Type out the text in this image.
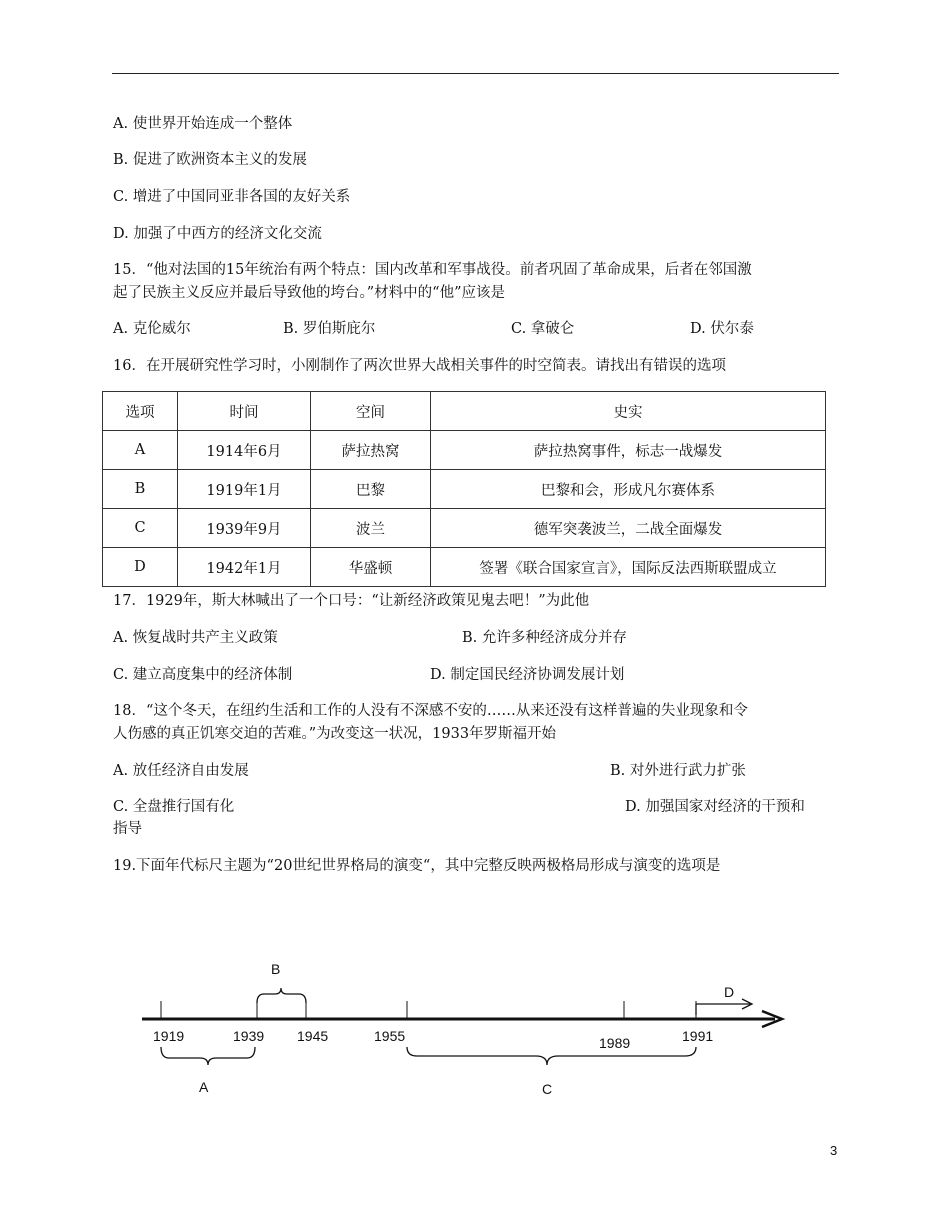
A. 使世界开始连成一个整体
B. 促进了欧洲资本主义的发展
C. 增进了中国同亚非各国的友好关系
D. 加强了中西方的经济文化交流
15．“他对法国的15年统治有两个特点：国内改革和军事战役。前者巩固了革命成果，后者在邻国激
起了民族主义反应并最后导致他的垮台。”材料中的“他”应该是
A. 克伦威尔	B. 罗伯斯庇尔	C. 拿破仑	D. 伏尔泰
16．在开展研究性学习时，小刚制作了两次世界大战相关事件的时空简表。请找出有错误的选项
选项	时间	空间	史实
A	1914年6月	萨拉热窝	萨拉热窝事件，标志一战爆发
B	1919年1月	巴黎	巴黎和会，形成凡尔赛体系
C	1939年9月	波兰	德军突袭波兰，二战全面爆发
D	1942年1月	华盛顿	签署《联合国家宣言》，国际反法西斯联盟成立
17．1929年，斯大林喊出了一个口号：“让新经济政策见鬼去吧！”为此他
A. 恢复战时共产主义政策	B. 允许多种经济成分并存
C. 建立高度集中的经济体制	D. 制定国民经济协调发展计划
18．“这个冬天，在纽约生活和工作的人没有不深感不安的……从来还没有这样普遍的失业现象和令
人伤感的真正饥寒交迫的苦难。”为改变这一状况，1933年罗斯福开始
A. 放任经济自由发展	B. 对外进行武力扩张
C. 全盘推行国有化	D. 加强国家对经济的干预和
指导
19.下面年代标尺主题为“20世纪世界格局的演变“，其中完整反映两极格局形成与演变的选项是
1919	1939 1945	1955	1989	1991
B
A	C
D
3
